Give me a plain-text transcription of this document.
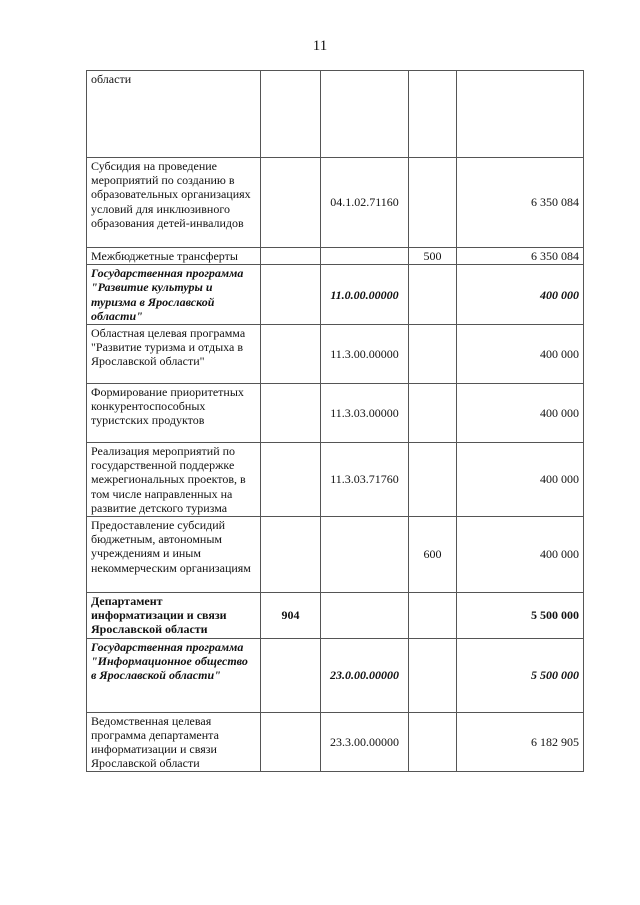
11
области				
Субсидия на проведение мероприятий по созданию в образовательных организациях условий для инклюзивного образования детей-инвалидов		04.1.02.71160		6 350 084
Межбюджетные трансферты			500	6 350 084
Государственная программа "Развитие культуры и туризма в Ярославской области"		11.0.00.00000		400 000
Областная целевая программа "Развитие туризма и отдыха в Ярославской области"		11.3.00.00000		400 000
Формирование приоритетных конкурентоспособных туристских продуктов		11.3.03.00000		400 000
Реализация мероприятий по государственной поддержке межрегиональных проектов, в том числе направленных на развитие детского туризма		11.3.03.71760		400 000
Предоставление субсидий бюджетным, автономным учреждениям и иным некоммерческим организациям			600	400 000
Департамент информатизации и связи Ярославской области	904			5 500 000
Государственная программа "Информационное общество в Ярославской области"		23.0.00.00000		5 500 000
Ведомственная целевая программа департамента информатизации и связи Ярославской области		23.3.00.00000		6 182 905
